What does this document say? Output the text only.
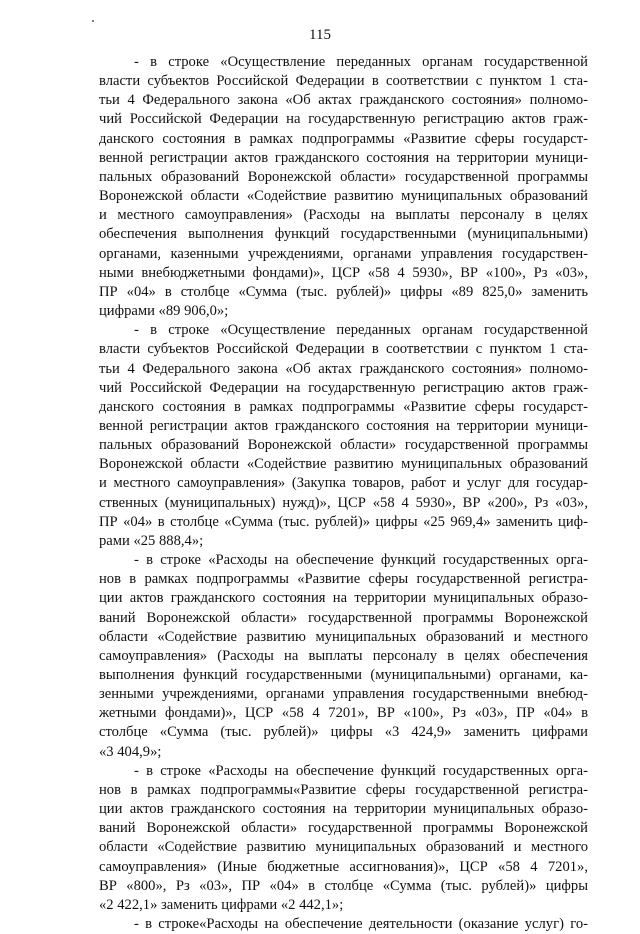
115
- в строке «Осуществление переданных органам государственной
власти субъектов Российской Федерации в соответствии с пунктом 1 ста-
тьи 4 Федерального закона «Об актах гражданского состояния» полномо-
чий Российской Федерации на государственную регистрацию актов граж-
данского состояния в рамках подпрограммы «Развитие сферы государст-
венной регистрации актов гражданского состояния на территории муници-
пальных образований Воронежской области» государственной программы
Воронежской области «Содействие развитию муниципальных образований
и местного самоуправления» (Расходы на выплаты персоналу в целях
обеспечения выполнения функций государственными (муниципальными)
органами, казенными учреждениями, органами управления государствен-
ными внебюджетными фондами)», ЦСР «58 4 5930», ВР «100», Рз «03»,
ПР «04» в столбце «Сумма (тыс. рублей)» цифры «89 825,0» заменить
цифрами «89 906,0»;
- в строке «Осуществление переданных органам государственной
власти субъектов Российской Федерации в соответствии с пунктом 1 ста-
тьи 4 Федерального закона «Об актах гражданского состояния» полномо-
чий Российской Федерации на государственную регистрацию актов граж-
данского состояния в рамках подпрограммы «Развитие сферы государст-
венной регистрации актов гражданского состояния на территории муници-
пальных образований Воронежской области» государственной программы
Воронежской области «Содействие развитию муниципальных образований
и местного самоуправления» (Закупка товаров, работ и услуг для государ-
ственных (муниципальных) нужд)», ЦСР «58 4 5930», ВР «200», Рз «03»,
ПР «04» в столбце «Сумма (тыс. рублей)» цифры «25 969,4» заменить циф-
рами «25 888,4»;
- в строке «Расходы на обеспечение функций государственных орга-
нов в рамках подпрограммы «Развитие сферы государственной регистра-
ции актов гражданского состояния на территории муниципальных образо-
ваний Воронежской области» государственной программы Воронежской
области «Содействие развитию муниципальных образований и местного
самоуправления» (Расходы на выплаты персоналу в целях обеспечения
выполнения функций государственными (муниципальными) органами, ка-
зенными учреждениями, органами управления государственными внебюд-
жетными фондами)», ЦСР «58 4 7201», ВР «100», Рз «03», ПР «04» в
столбце «Сумма (тыс. рублей)» цифры «3 424,9» заменить цифрами
«3 404,9»;
- в строке «Расходы на обеспечение функций государственных орга-
нов в рамках подпрограммы«Развитие сферы государственной регистра-
ции актов гражданского состояния на территории муниципальных образо-
ваний Воронежской области» государственной программы Воронежской
области «Содействие развитию муниципальных образований и местного
самоуправления» (Иные бюджетные ассигнования)», ЦСР «58 4 7201»,
ВР «800», Рз «03», ПР «04» в столбце «Сумма (тыс. рублей)» цифры
«2 422,1» заменить цифрами «2 442,1»;
- в строке«Расходы на обеспечение деятельности (оказание услуг) го-
